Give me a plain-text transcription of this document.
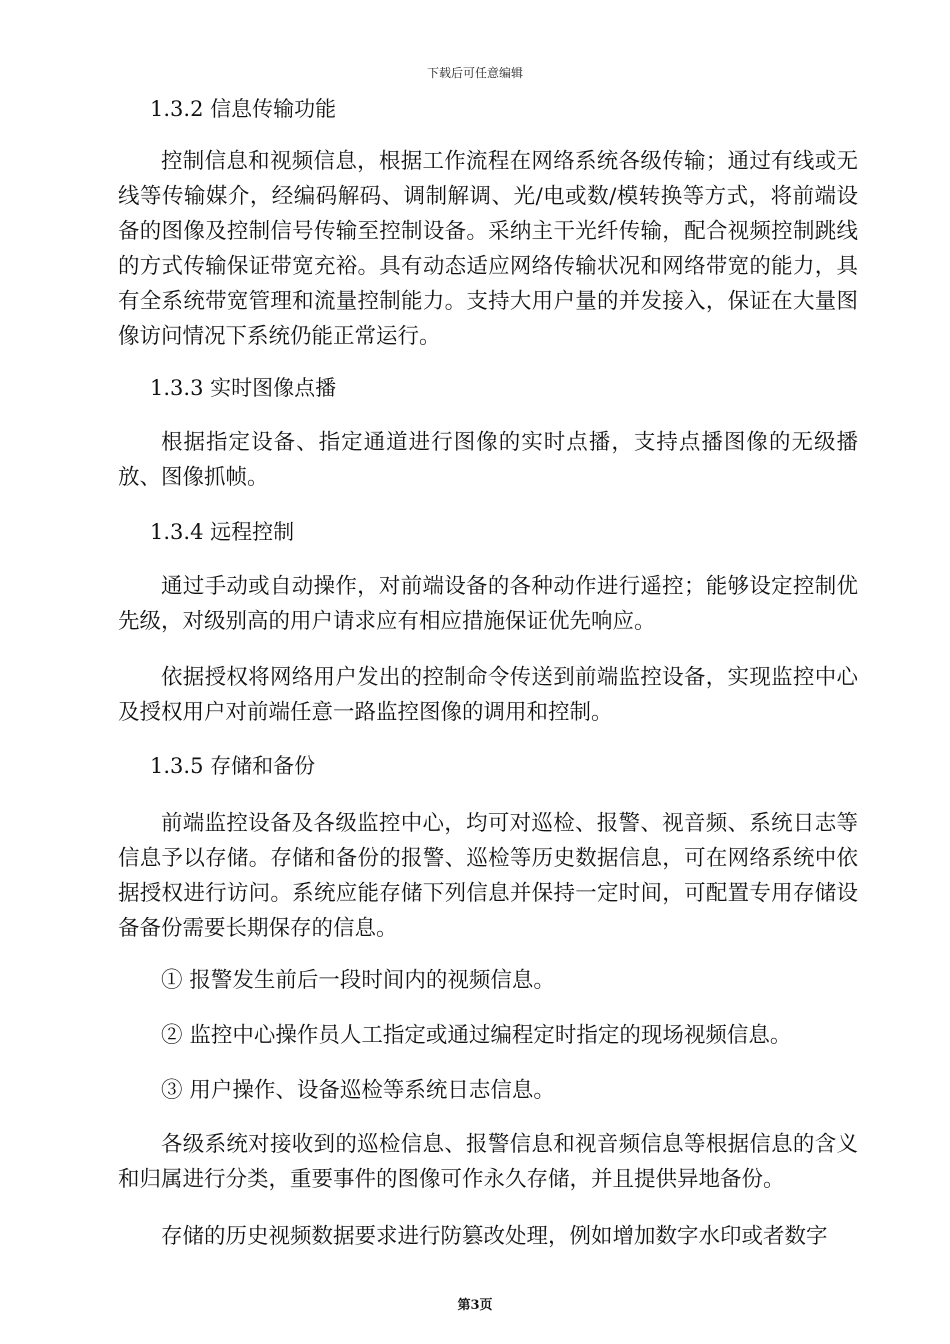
下载后可任意编辑
1.3.2 信息传输功能

控制信息和视频信息，根据工作流程在网络系统各级传输；通过有线或无线等传输媒介，经编码解码、调制解调、光/电或数/模转换等方式，将前端设备的图像及控制信号传输至控制设备。采纳主干光纤传输，配合视频控制跳线的方式传输保证带宽充裕。具有动态适应网络传输状况和网络带宽的能力，具有全系统带宽管理和流量控制能力。支持大用户量的并发接入，保证在大量图像访问情况下系统仍能正常运行。

1.3.3 实时图像点播

根据指定设备、指定通道进行图像的实时点播，支持点播图像的无级播放、图像抓帧。

1.3.4 远程控制

通过手动或自动操作，对前端设备的各种动作进行遥控；能够设定控制优先级，对级别高的用户请求应有相应措施保证优先响应。

依据授权将网络用户发出的控制命令传送到前端监控设备，实现监控中心及授权用户对前端任意一路监控图像的调用和控制。

1.3.5 存储和备份

前端监控设备及各级监控中心，均可对巡检、报警、视音频、系统日志等信息予以存储。存储和备份的报警、巡检等历史数据信息，可在网络系统中依据授权进行访问。系统应能存储下列信息并保持一定时间，可配置专用存储设备备份需要长期保存的信息。

① 报警发生前后一段时间内的视频信息。

② 监控中心操作员人工指定或通过编程定时指定的现场视频信息。

③ 用户操作、设备巡检等系统日志信息。

各级系统对接收到的巡检信息、报警信息和视音频信息等根据信息的含义和归属进行分类，重要事件的图像可作永久存储，并且提供异地备份。

存储的历史视频数据要求进行防篡改处理，例如增加数字水印或者数字

第3页
